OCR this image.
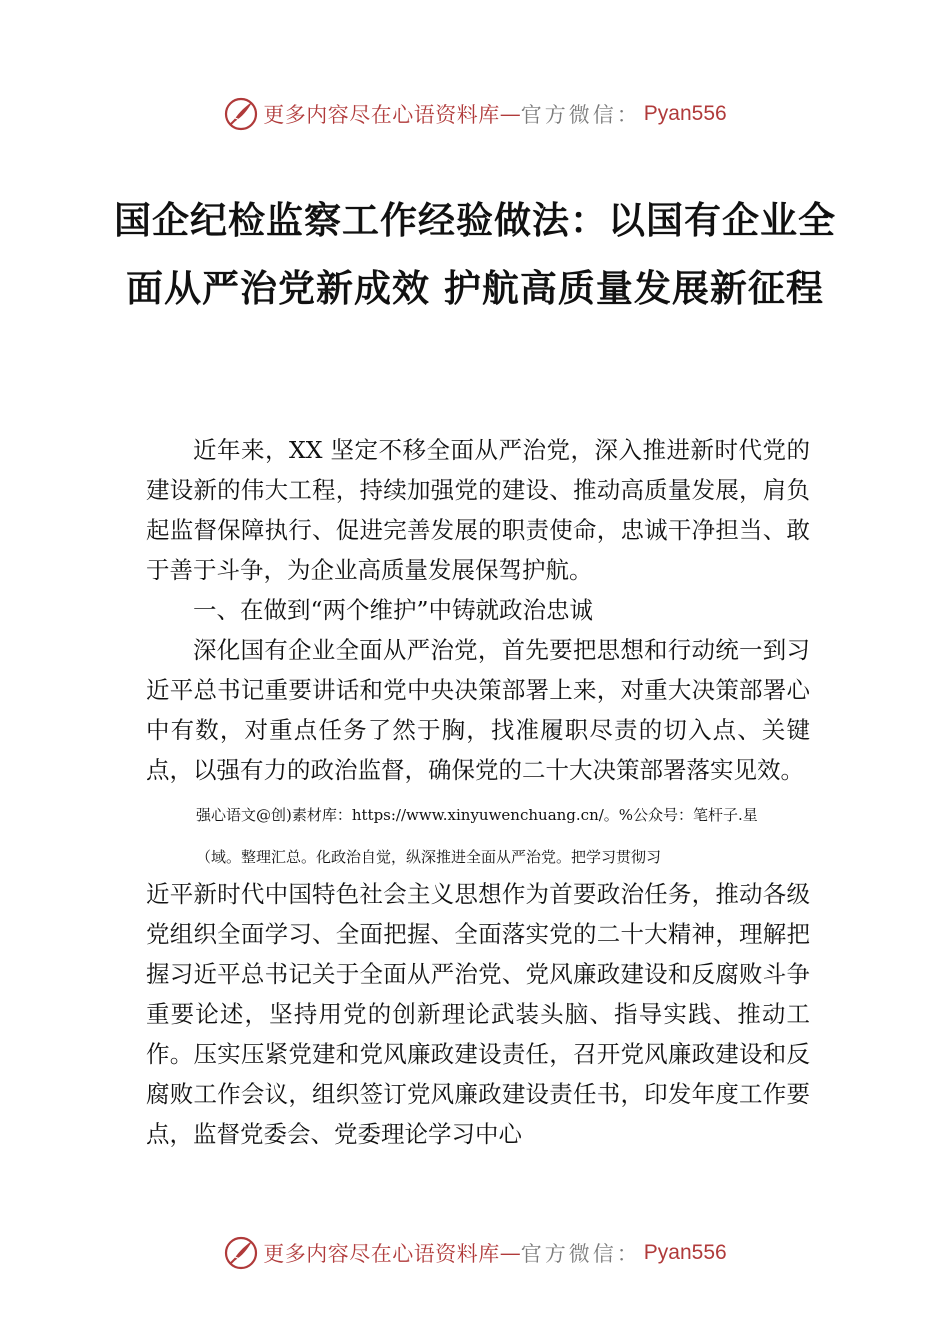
更多内容尽在心语资料库 — 官方微信 ： Pyan556
国企纪检监察工作经验做法：以国有企业全面从严治党新成效 护航高质量发展新征程

近年来，XX 坚定不移全面从严治党，深入推进新时代党的建设新的伟大工程，持续加强党的建设、推动高质量发展，肩负起监督保障执行、促进完善发展的职责使命，忠诚干净担当、敢于善于斗争，为企业高质量发展保驾护航。

一、在做到“两个维护”中铸就政治忠诚

深化国有企业全面从严治党，首先要把思想和行动统一到习近平总书记重要讲话和党中央决策部署上来，对重大决策部署心中有数，对重点任务了然于胸，找准履职尽责的切入点、关键点，以强有力的政治监督，确保党的二十大决策部署落实见效。

强心语文@创)素材库：https://www.xinyuwenchuang.cn/。%公众号：笔杆子.星

（域。整理汇总。化政治自觉，纵深推进全面从严治党。把学习贯彻习

近平新时代中国特色社会主义思想作为首要政治任务，推动各级党组织全面学习、全面把握、全面落实党的二十大精神，理解把握习近平总书记关于全面从严治党、党风廉政建设和反腐败斗争重要论述，坚持用党的创新理论武装头脑、指导实践、推动工作。压实压紧党建和党风廉政建设责任，召开党风廉政建设和反腐败工作会议，组织签订党风廉政建设责任书，印发年度工作要点，监督党委会、党委理论学习中心

更多内容尽在心语资料库 — 官方微信 ： Pyan556
